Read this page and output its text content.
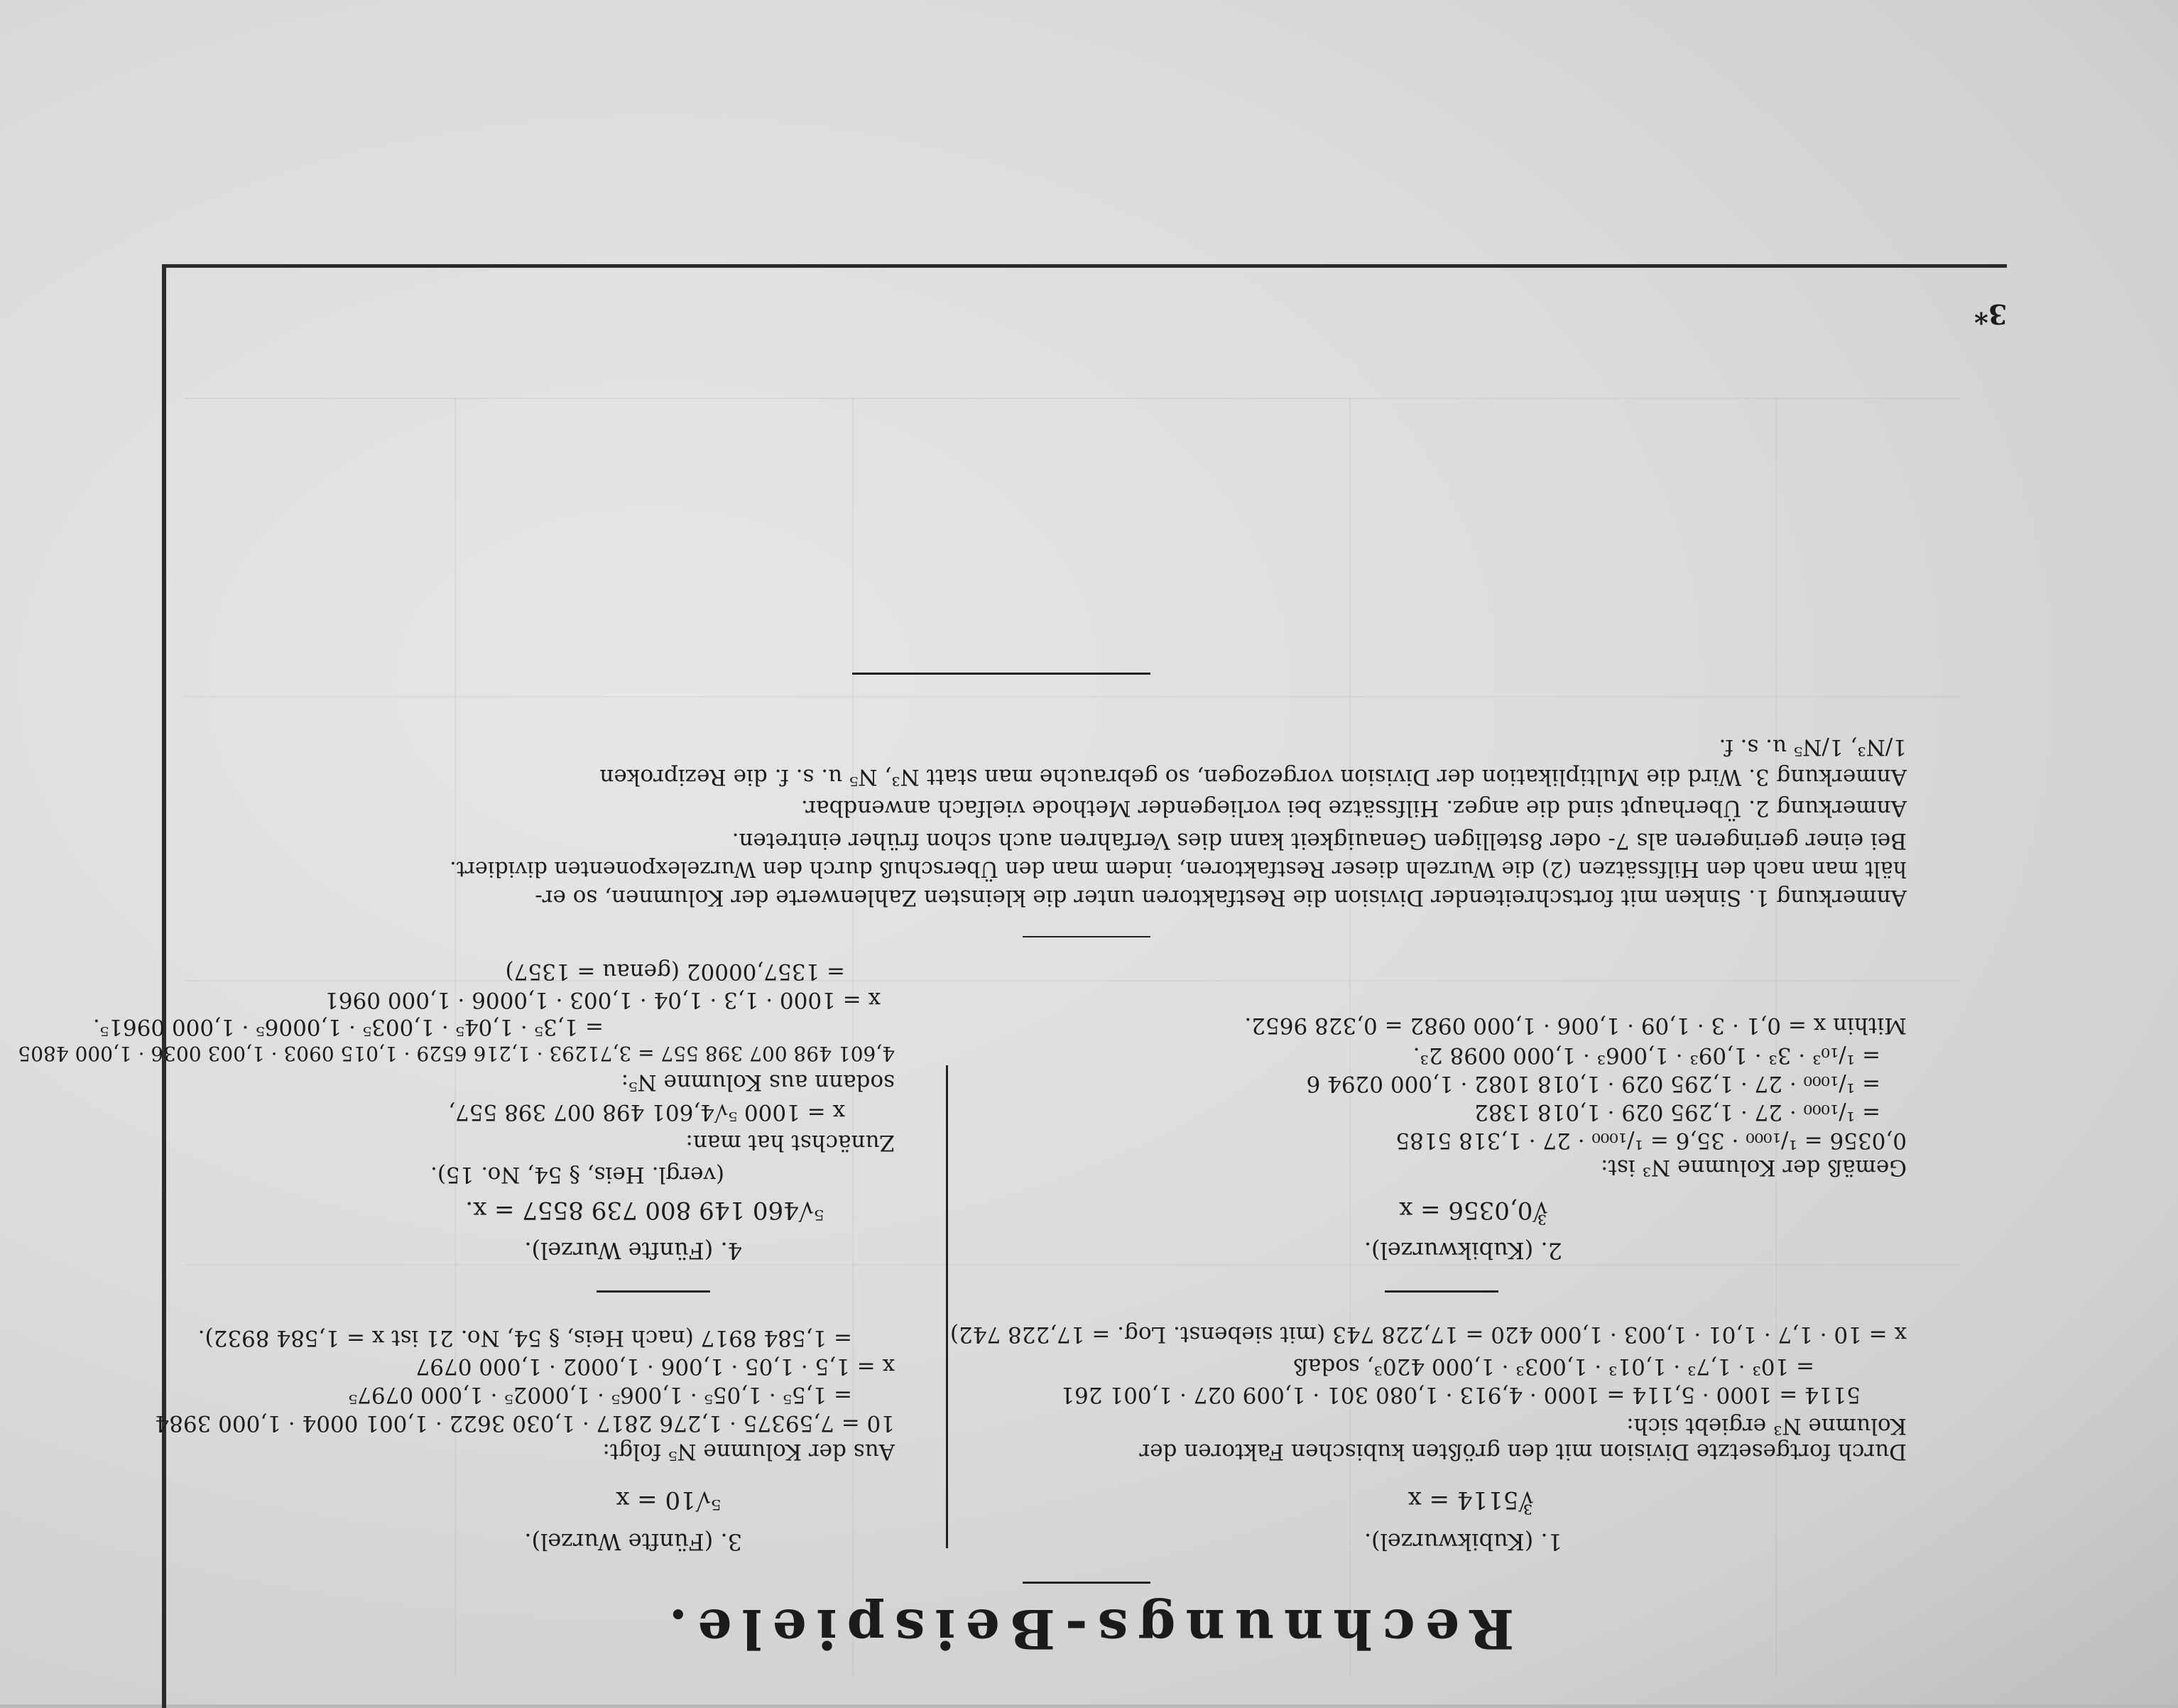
3*
Rechnungs-Beispiele.
1. (Kubikwurzel).
∛5114 = x
Durch fortgesetzte Division mit den größten kubischen Faktoren der
Kolumne N³ ergiebt sich:
5114 = 1000 · 5,114 = 1000 · 4,913 · 1,080 301 · 1,009 027 · 1,001 261
= 10³ · 1,7³ · 1,01³ · 1,003³ · 1,000 420³, sodaß
x = 10 · 1,7 · 1,01 · 1,003 · 1,000 420 = 17,228 743 (mit siebenst. Log. = 17,228 742)
2. (Kubikwurzel).
∛0,0356 = x
Gemäß der Kolumne N³ ist:
0,0356 = ¹/₁₀₀₀ · 35,6 = ¹/₁₀₀₀ · 27 · 1,318 5185
= ¹/₁₀₀₀ · 27 · 1,295 029 · 1,018 1382
= ¹/₁₀₀₀ · 27 · 1,295 029 · 1,018 1082 · 1,000 0294 6
= ¹/₁₀³ · 3³ · 1,09³ · 1,006³ · 1,000 0098 2³.
Mithin x = 0,1 · 3 · 1,09 · 1,006 · 1,000 0982 = 0,328 9652.
3. (Fünfte Wurzel).
⁵√10 = x
Aus der Kolumne N⁵ folgt:
10 = 7,59375 · 1,276 2817 · 1,030 3622 · 1,001 0004 · 1,000 3984
= 1,5⁵ · 1,05⁵ · 1,006⁵ · 1,0002⁵ · 1,000 0797⁵
x = 1,5 · 1,05 · 1,006 · 1,0002 · 1,000 0797
= 1,584 8917 (nach Heis, § 54, No. 21 ist x = 1,584 8932).
4. (Fünfte Wurzel).
⁵√460 149 800 739 8557 = x.
(vergl. Heis, § 54, No. 15).
Zunächst hat man:
x = 1000 ⁵√4,601 498 007 398 557,
sodann aus Kolumne N⁵:
4,601 498 007 398 557 = 3,71293 · 1,216 6529 · 1,015 0903 · 1,003 0036 · 1,000 4805
= 1,3⁵ · 1,04⁵ · 1,003⁵ · 1,0006⁵ · 1,000 0961⁵.
x = 1000 · 1,3 · 1,04 · 1,003 · 1,0006 · 1,000 0961
= 1357,00002 (genau = 1357)
Anmerkung 1. Sinken mit fortschreitender Division die Restfaktoren unter die kleinsten Zahlenwerte der Kolumnen, so er-
hält man nach den Hilfssätzen (2) die Wurzeln dieser Restfaktoren, indem man den Überschuß durch den Wurzelexponenten dividiert.
Bei einer geringeren als 7- oder 8stelligen Genauigkeit kann dies Verfahren auch schon früher eintreten.
Anmerkung 2. Überhaupt sind die angez. Hilfssätze bei vorliegender Methode vielfach anwendbar.
Anmerkung 3. Wird die Multiplikation der Division vorgezogen, so gebrauche man statt N³, N⁵ u. s. f. die Reziproken
1/N³, 1/N⁵ u. s. f.
